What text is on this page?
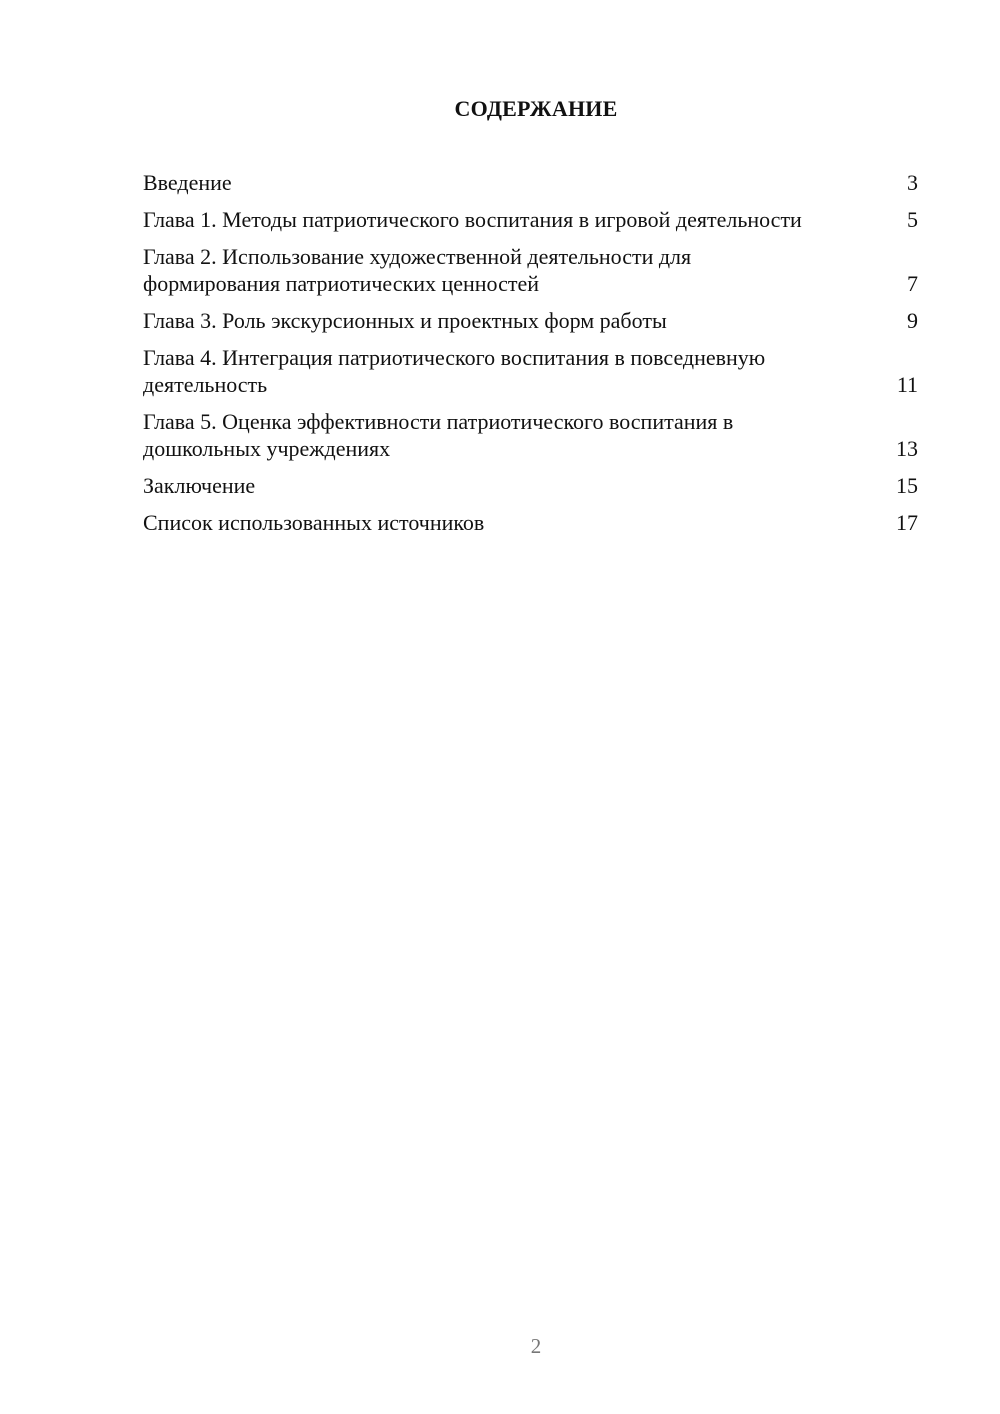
СОДЕРЖАНИЕ
Введение	3
Глава 1. Методы патриотического воспитания в игровой деятельности	5
Глава 2. Использование художественной деятельности для формирования патриотических ценностей	7
Глава 3. Роль экскурсионных и проектных форм работы	9
Глава 4. Интеграция патриотического воспитания в повседневную деятельность	11
Глава 5. Оценка эффективности патриотического воспитания в дошкольных учреждениях	13
Заключение	15
Список использованных источников	17
2
